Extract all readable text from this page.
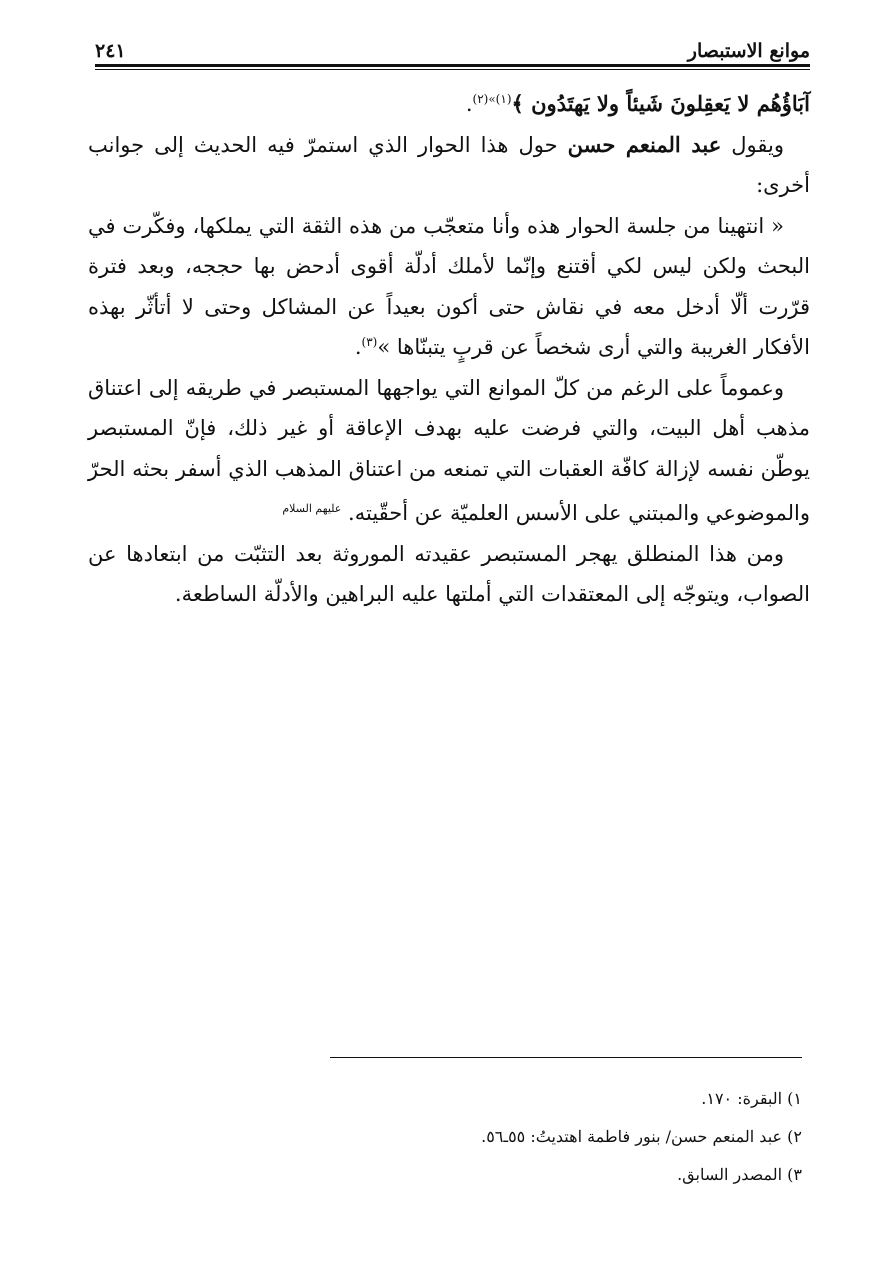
موانع الاستبصار
٢٤١

آبَاؤُهُم لا يَعقِلونَ شَيئاً ولا يَهتَدُون ﴾$^{(١)»(٢)}$.

ويقول عبد المنعم حسن حول هذا الحوار الذي استمرّ فيه الحديث إلى جوانب أخرى:

« انتهينا من جلسة الحوار هذه وأنا متعجّب من هذه الثقة التي يملكها، وفكّرت في البحث ولكن ليس لكي أقتنع وإنّما لأملك أدلّة أقوى أدحض بها حججه، وبعد فترة قرّرت ألّا أدخل معه في نقاش حتى أكون بعيداً عن المشاكل وحتى لا أتأثّر بهذه الأفكار الغريبة والتي أرى شخصاً عن قربٍ يتبنّاها »$^{(٣)}$.

وعموماً على الرغم من كلّ الموانع التي يواجهها المستبصر في طريقه إلى اعتناق مذهب أهل البيت، والتي فرضت عليه بهدف الإعاقة أو غير ذلك، فإنّ المستبصر يوطّن نفسه لإزالة كافّة العقبات التي تمنعه من اعتناق المذهب الذي أسفر بحثه الحرّ والموضوعي والمبتني على الأسس العلميّة عن أحقّيته. $^{عليهم السلام}$

ومن هذا المنطلق يهجر المستبصر عقيدته الموروثة بعد التثبّت من ابتعادها عن الصواب، ويتوجّه إلى المعتقدات التي أملتها عليه البراهين والأدلّة الساطعة.

١) البقرة: ١٧٠.

٢) عبد المنعم حسن/ بنور فاطمة اهتديتُ: ٥٥ـ٥٦.

٣) المصدر السابق.
